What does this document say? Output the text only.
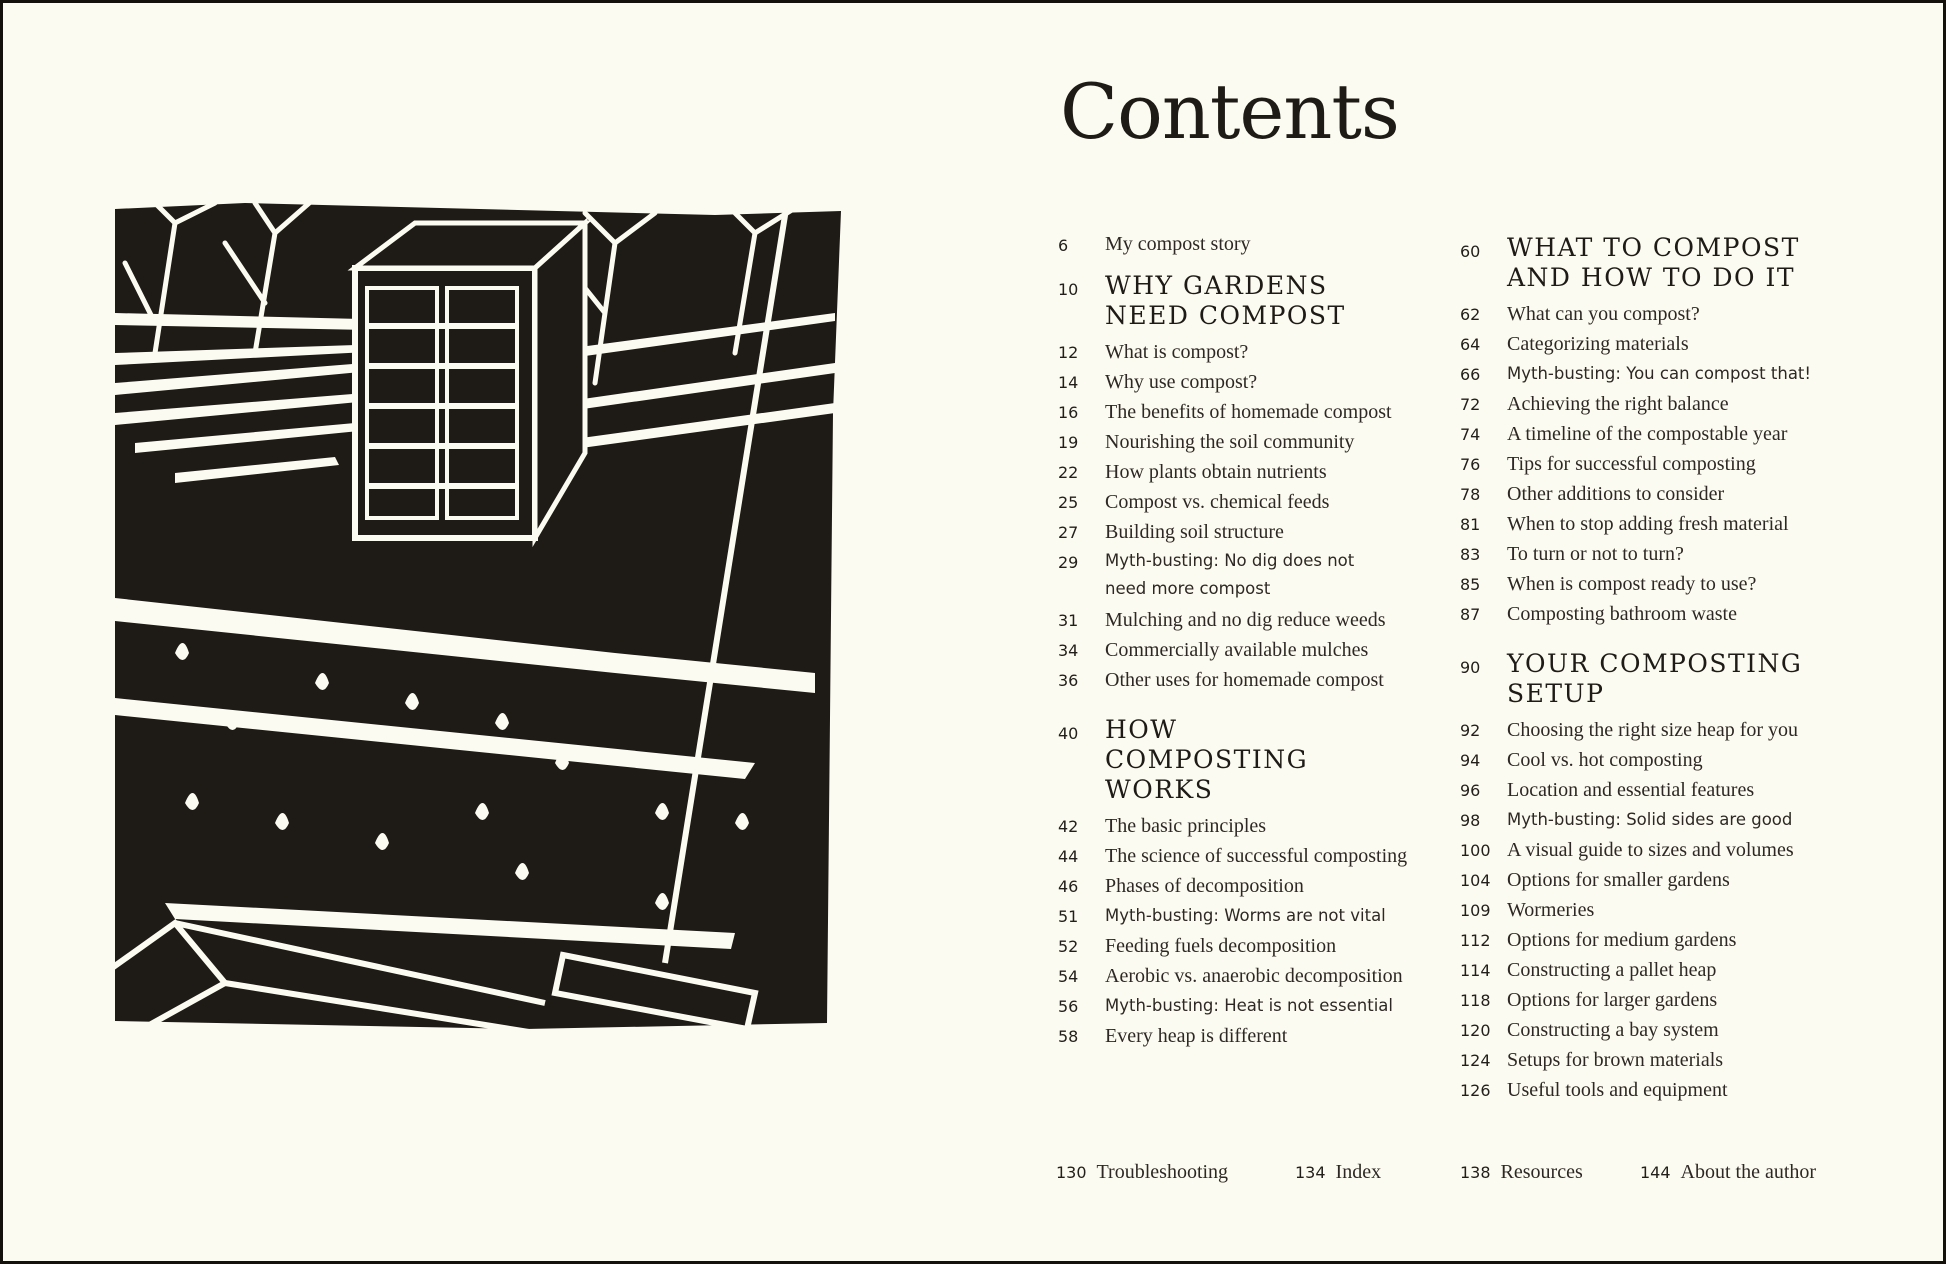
Contents
6 My compost story
10 WHY GARDENS NEED COMPOST
12 What is compost?
14 Why use compost?
16 The benefits of homemade compost
19 Nourishing the soil community
22 How plants obtain nutrients
25 Compost vs. chemical feeds
27 Building soil structure
29 Myth-busting: No dig does not need more compost
31 Mulching and no dig reduce weeds
34 Commercially available mulches
36 Other uses for homemade compost
40 HOW COMPOSTING WORKS
42 The basic principles
44 The science of successful composting
46 Phases of decomposition
51 Myth-busting: Worms are not vital
52 Feeding fuels decomposition
54 Aerobic vs. anaerobic decomposition
56 Myth-busting: Heat is not essential
58 Every heap is different
60 WHAT TO COMPOST AND HOW TO DO IT
62 What can you compost?
64 Categorizing materials
66 Myth-busting: You can compost that!
72 Achieving the right balance
74 A timeline of the compostable year
76 Tips for successful composting
78 Other additions to consider
81 When to stop adding fresh material
83 To turn or not to turn?
85 When is compost ready to use?
87 Composting bathroom waste
90 YOUR COMPOSTING SETUP
92 Choosing the right size heap for you
94 Cool vs. hot composting
96 Location and essential features
98 Myth-busting: Solid sides are good
100 A visual guide to sizes and volumes
104 Options for smaller gardens
109 Wormeries
112 Options for medium gardens
114 Constructing a pallet heap
118 Options for larger gardens
120 Constructing a bay system
124 Setups for brown materials
126 Useful tools and equipment
130 Troubleshooting	134 Index	138 Resources	144 About the author
